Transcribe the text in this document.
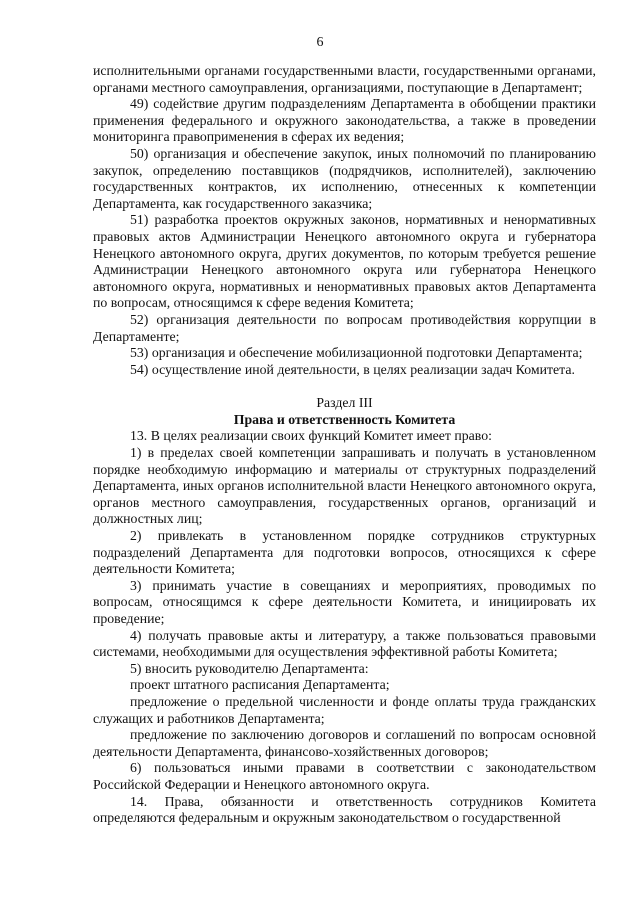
6

исполнительными органами государственными власти, государственными органами, органами местного самоуправления, организациями, поступающие в Департамент;

49) содействие другим подразделениям Департамента в обобщении практики применения федерального и окружного законодательства, а также в проведении мониторинга правоприменения в сферах их ведения;

50) организация и обеспечение закупок, иных полномочий по планированию закупок, определению поставщиков (подрядчиков, исполнителей), заключению государственных контрактов, их исполнению, отнесенных к компетенции Департамента, как государственного заказчика;

51) разработка проектов окружных законов, нормативных и ненормативных правовых актов Администрации Ненецкого автономного округа и губернатора Ненецкого автономного округа, других документов, по которым требуется решение Администрации Ненецкого автономного округа или губернатора Ненецкого автономного округа, нормативных и ненормативных правовых актов Департамента по вопросам, относящимся к сфере ведения Комитета;

52) организация деятельности по вопросам противодействия коррупции в Департаменте;

53) организация и обеспечение мобилизационной подготовки Департамента;

54) осуществление иной деятельности, в целях реализации задач Комитета.

Раздел III

Права и ответственность Комитета

13. В целях реализации своих функций Комитет имеет право:

1) в пределах своей компетенции запрашивать и получать в установленном порядке необходимую информацию и материалы от структурных подразделений Департамента, иных органов исполнительной власти Ненецкого автономного округа, органов местного самоуправления, государственных органов, организаций и должностных лиц;

2) привлекать в установленном порядке сотрудников структурных подразделений Департамента для подготовки вопросов, относящихся к сфере деятельности Комитета;

3) принимать участие в совещаниях и мероприятиях, проводимых по вопросам, относящимся к сфере деятельности Комитета, и инициировать их проведение;

4) получать правовые акты и литературу, а также пользоваться правовыми системами, необходимыми для осуществления эффективной работы Комитета;

5) вносить руководителю Департамента:

проект штатного расписания Департамента;

предложение о предельной численности и фонде оплаты труда гражданских служащих и работников Департамента;

предложение по заключению договоров и соглашений по вопросам основной деятельности Департамента, финансово-хозяйственных договоров;

6) пользоваться иными правами в соответствии с законодательством Российской Федерации и Ненецкого автономного округа.

14. Права, обязанности и ответственность сотрудников Комитета определяются федеральным и окружным законодательством о государственной
